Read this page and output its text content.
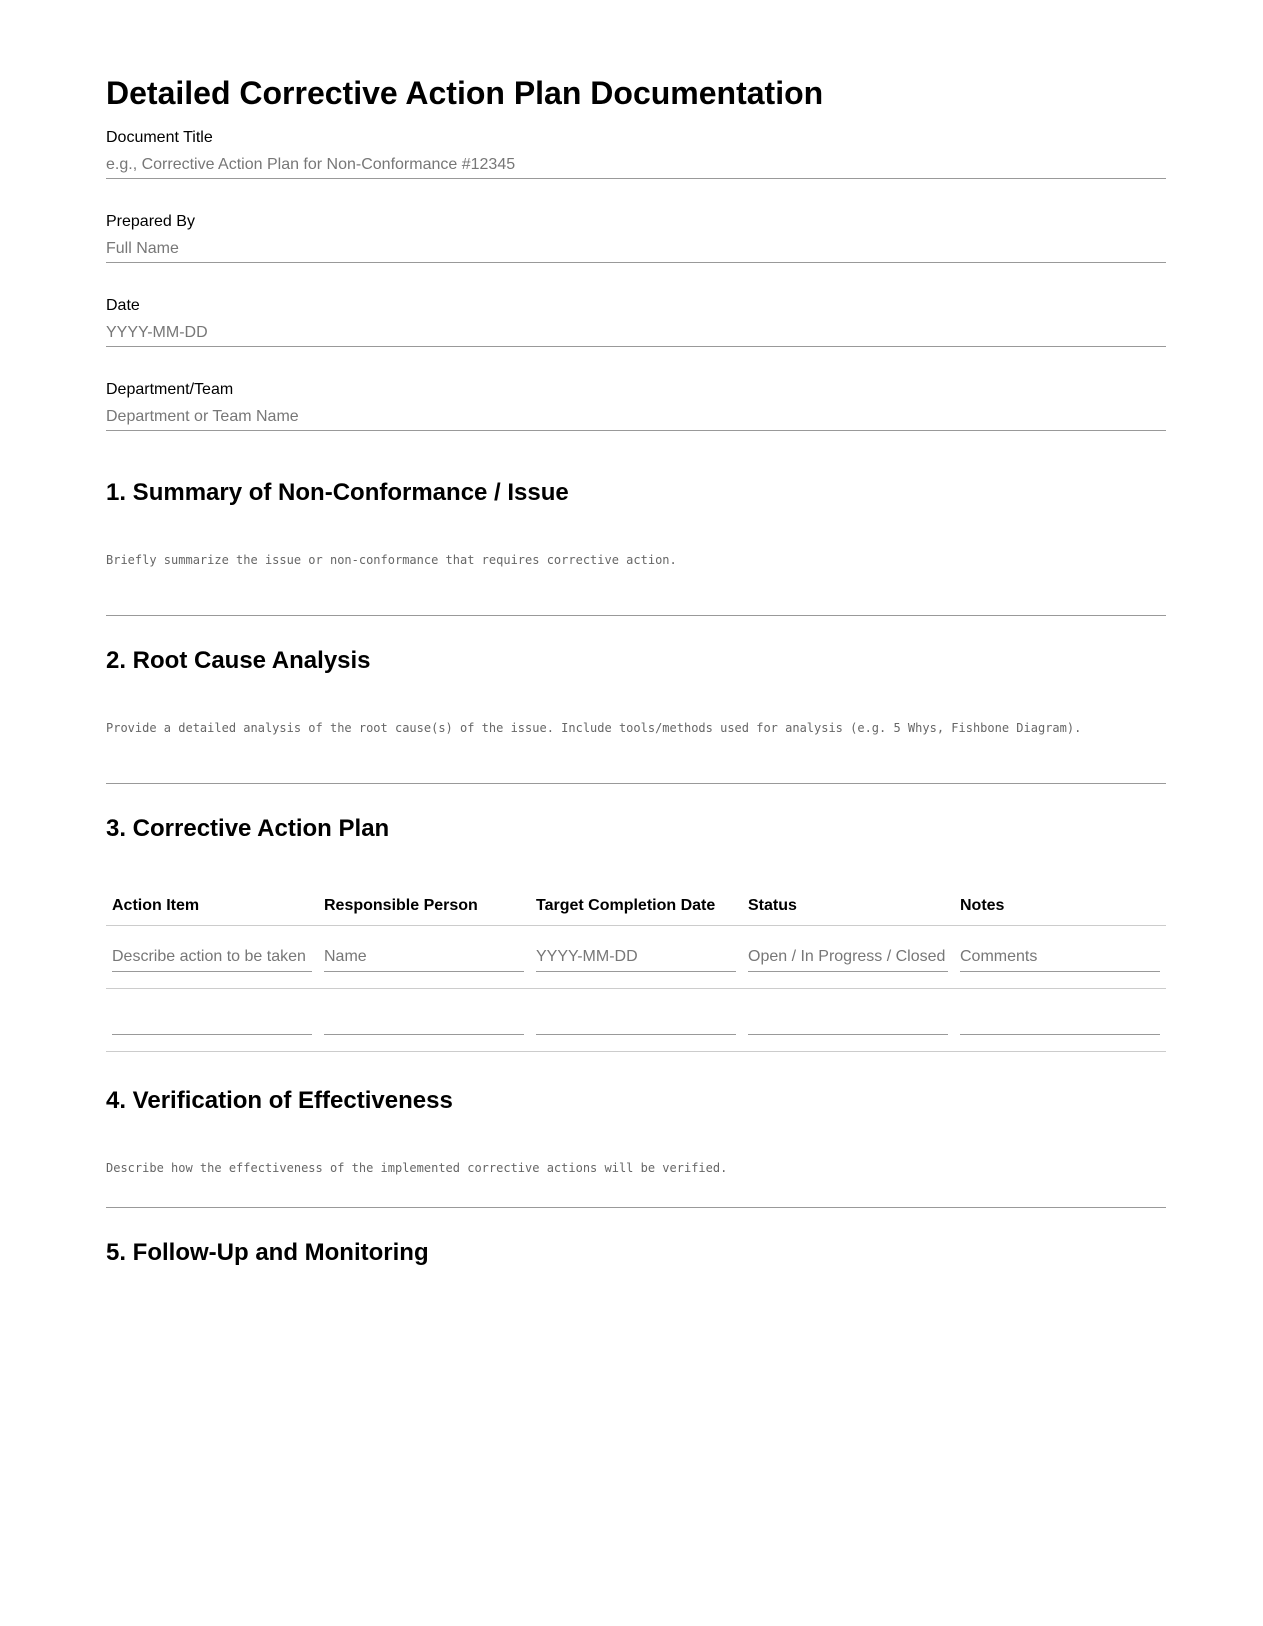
Detailed Corrective Action Plan Documentation
Document Title
e.g., Corrective Action Plan for Non-Conformance #12345
Prepared By
Full Name
Date
YYYY-MM-DD
Department/Team
Department or Team Name
1. Summary of Non-Conformance / Issue
Briefly summarize the issue or non-conformance that requires corrective action.
2. Root Cause Analysis
Provide a detailed analysis of the root cause(s) of the issue. Include tools/methods used for analysis (e.g. 5 Whys, Fishbone Diagram).
3. Corrective Action Plan
Action Item	Responsible Person	Target Completion Date	Status	Notes
Describe action to be taken	Name	YYYY-MM-DD	Open / In Progress / Closed	Comments

4. Verification of Effectiveness
Describe how the effectiveness of the implemented corrective actions will be verified.
5. Follow-Up and Monitoring
